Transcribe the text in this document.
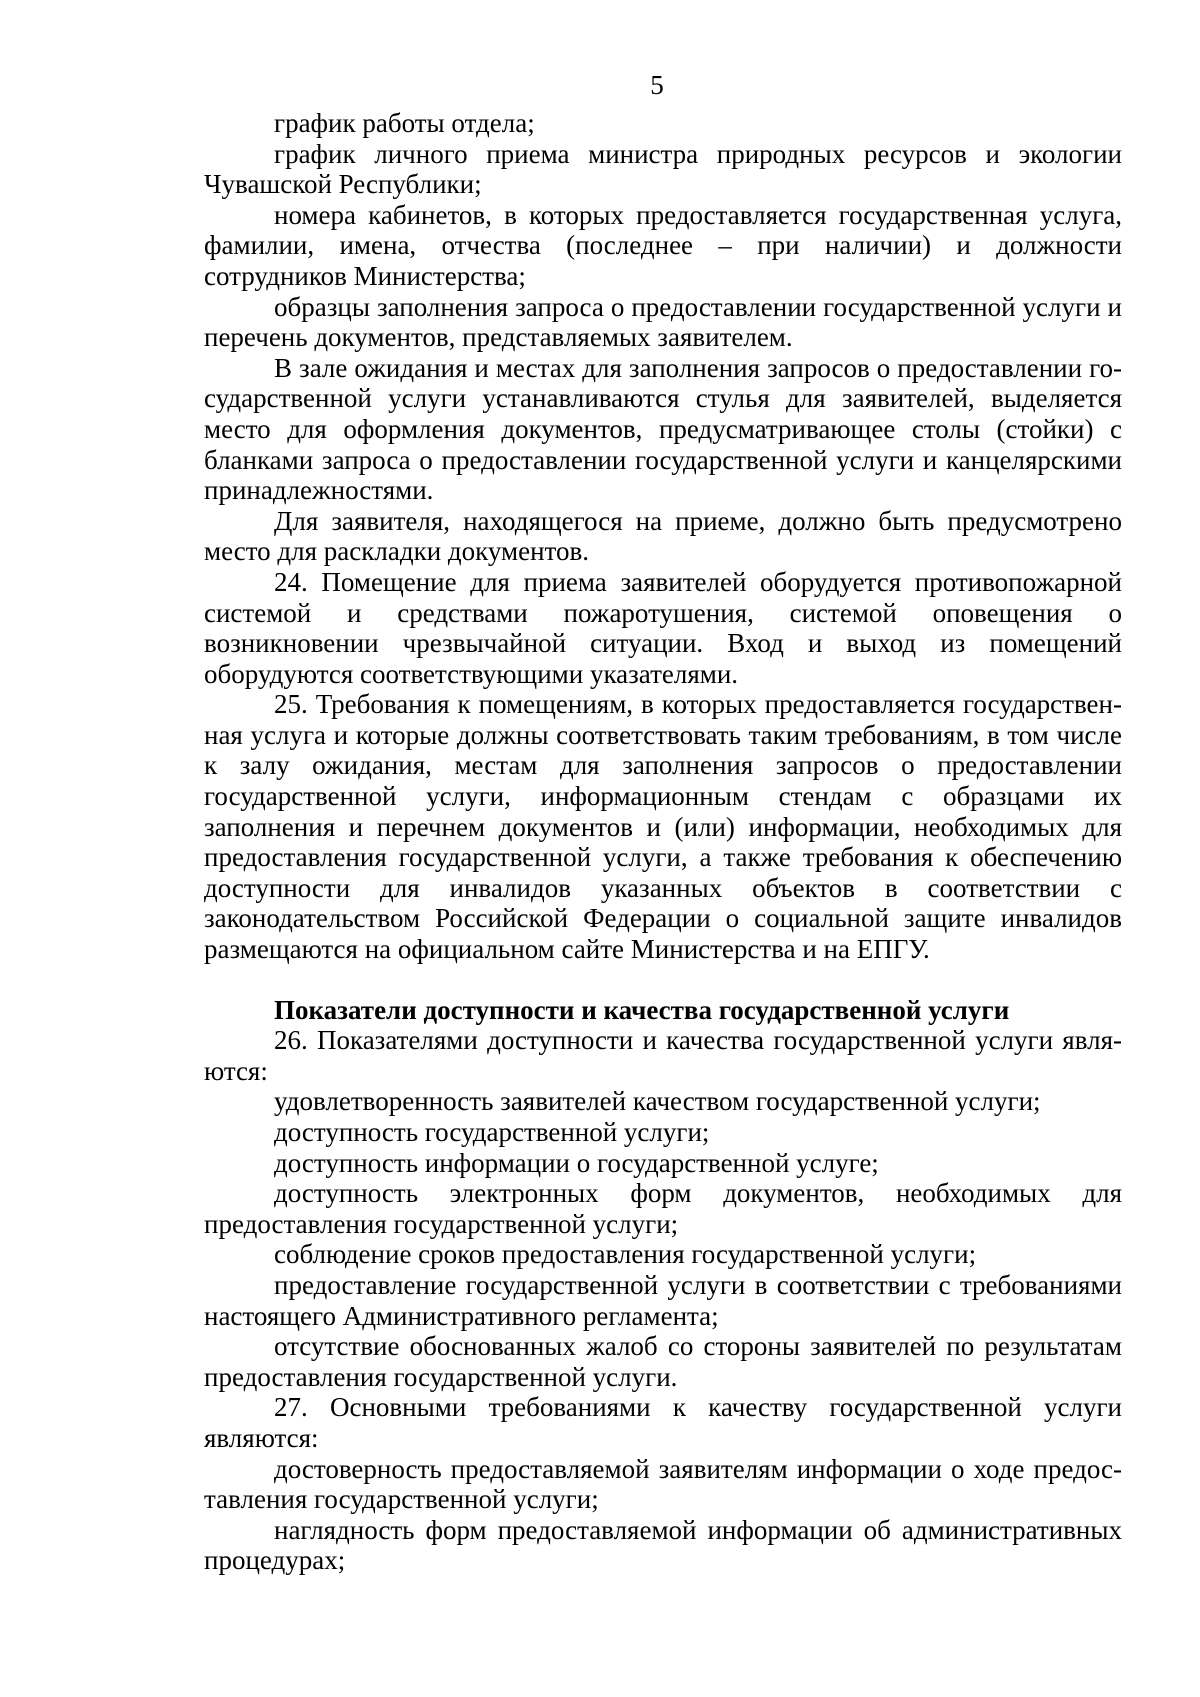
5

график работы отдела;

график личного приема министра природных ресурсов и экологии Чувашской Республики;

номера кабинетов, в которых предоставляется государственная услуга, фамилии, имена, отчества (последнее – при наличии) и должности сотрудников Министерства;

образцы заполнения запроса о предоставлении государственной услуги и перечень документов, представляемых заявителем.

В зале ожидания и местах для заполнения запросов о предоставлении государственной услуги устанавливаются стулья для заявителей, выделяется место для оформления документов, предусматривающее столы (стойки) с бланками запроса о предоставлении государственной услуги и канцелярскими принадлежностями.

Для заявителя, находящегося на приеме, должно быть предусмотрено место для раскладки документов.

24. Помещение для приема заявителей оборудуется противопожарной системой и средствами пожаротушения, системой оповещения о возникновении чрезвычайной ситуации. Вход и выход из помещений оборудуются соответствующими указателями.

25. Требования к помещениям, в которых предоставляется государственная услуга и которые должны соответствовать таким требованиям, в том числе к залу ожидания, местам для заполнения запросов о предоставлении государственной услуги, информационным стендам с образцами их заполнения и перечнем документов и (или) информации, необходимых для предоставления государственной услуги, а также требования к обеспечению доступности для инвалидов указанных объектов в соответствии с законодательством Российской Федерации о социальной защите инвалидов размещаются на официальном сайте Министерства и на ЕПГУ.

Показатели доступности и качества государственной услуги

26. Показателями доступности и качества государственной услуги являются:

удовлетворенность заявителей качеством государственной услуги;

доступность государственной услуги;

доступность информации о государственной услуге;

доступность электронных форм документов, необходимых для предоставления государственной услуги;

соблюдение сроков предоставления государственной услуги;

предоставление государственной услуги в соответствии с требованиями настоящего Административного регламента;

отсутствие обоснованных жалоб со стороны заявителей по результатам предоставления государственной услуги.

27. Основными требованиями к качеству государственной услуги являются:

достоверность предоставляемой заявителям информации о ходе предоставления государственной услуги;

наглядность форм предоставляемой информации об административных процедурах;
